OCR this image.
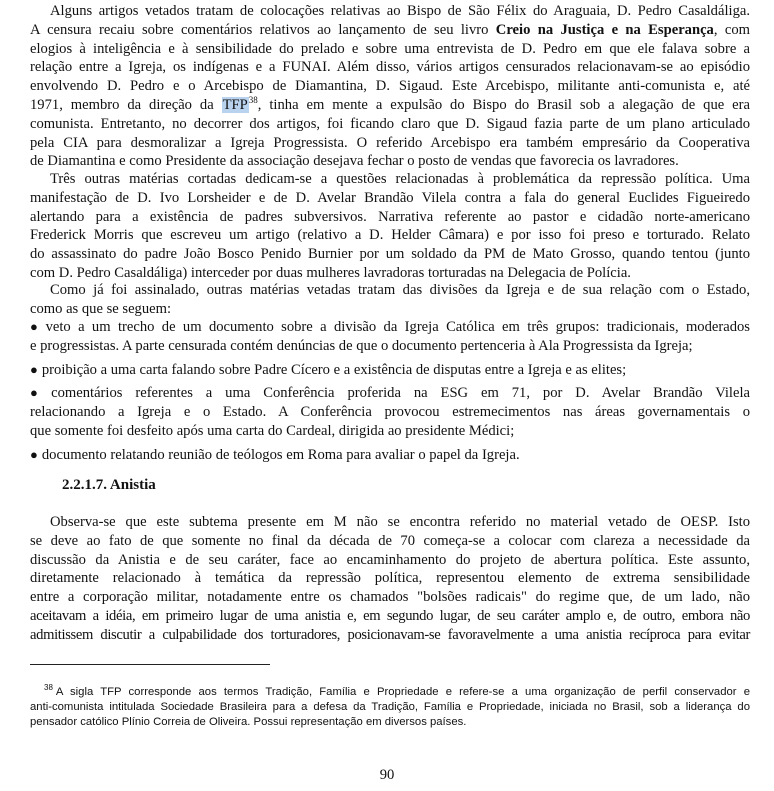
Alguns artigos vetados tratam de colocações relativas ao Bispo de São Félix do Araguaia, D. Pedro Casaldáliga.
A censura recaiu sobre comentários relativos ao lançamento de seu livro Creio na Justiça e na Esperança, com
elogios à inteligência e à sensibilidade do prelado e sobre uma entrevista de D. Pedro em que ele falava sobre a
relação entre a Igreja, os indígenas e a FUNAI. Além disso, vários artigos censurados relacionavam-se ao episódio
envolvendo D. Pedro e o Arcebispo de Diamantina, D. Sigaud. Este Arcebispo, militante anti-comunista e, até
1971, membro da direção da TFP$^{38}$, tinha em mente a expulsão do Bispo do Brasil sob a alegação de que era
comunista. Entretanto, no decorrer dos artigos, foi ficando claro que D. Sigaud fazia parte de um plano articulado
pela CIA para desmoralizar a Igreja Progressista. O referido Arcebispo era também empresário da Cooperativa
de Diamantina e como Presidente da associação desejava fechar o posto de vendas que favorecia os lavradores.

Três outras matérias cortadas dedicam-se a questões relacionadas à problemática da repressão política. Uma
manifestação de D. Ivo Lorsheider e de D. Avelar Brandão Vilela contra a fala do general Euclides Figueiredo
alertando para a existência de padres subversivos. Narrativa referente ao pastor e cidadão norte-americano
Frederick Morris que escreveu um artigo (relativo a D. Helder Câmara) e por isso foi preso e torturado. Relato
do assassinato do padre João Bosco Penido Burnier por um soldado da PM de Mato Grosso, quando tentou (junto
com D. Pedro Casaldáliga) interceder por duas mulheres lavradoras torturadas na Delegacia de Polícia.

Como já foi assinalado, outras matérias vetadas tratam das divisões da Igreja e de sua relação com o Estado,
como as que se seguem:

● veto a um trecho de um documento sobre a divisão da Igreja Católica em três grupos: tradicionais, moderados
e progressistas. A parte censurada contém denúncias de que o documento pertenceria à Ala Progressista da Igreja;
● proibição a uma carta falando sobre Padre Cícero e a existência de disputas entre a Igreja e as elites;
● comentários referentes a uma Conferência proferida na ESG em 71, por D. Avelar Brandão Vilela
relacionando a Igreja e o Estado. A Conferência provocou estremecimentos nas áreas governamentais o
que somente foi desfeito após uma carta do Cardeal, dirigida ao presidente Médici;
● documento relatando reunião de teólogos em Roma para avaliar o papel da Igreja.
2.2.1.7. Anistia

Observa-se que este subtema presente em M não se encontra referido no material vetado de OESP. Isto
se deve ao fato de que somente no final da década de 70 começa-se a colocar com clareza a necessidade da
discussão da Anistia e de seu caráter, face ao encaminhamento do projeto de abertura política. Este assunto,
diretamente relacionado à temática da repressão política, representou elemento de extrema sensibilidade
entre a corporação militar, notadamente entre os chamados "bolsões radicais" do regime que, de um lado, não
aceitavam a idéia, em primeiro lugar de uma anistia e, em segundo lugar, de seu caráter amplo e, de outro, embora não
admitissem discutir a culpabilidade dos torturadores, posicionavam-se favoravelmente a uma anistia recíproca para evitar

$^{38}$ A sigla TFP corresponde aos termos Tradição, Família e Propriedade e refere-se a uma organização de perfil conservador e
anti-comunista intitulada Sociedade Brasileira para a defesa da Tradição, Família e Propriedade, iniciada no Brasil, sob a liderança do
pensador católico Plínio Correia de Oliveira. Possui representação em diversos países.

90
